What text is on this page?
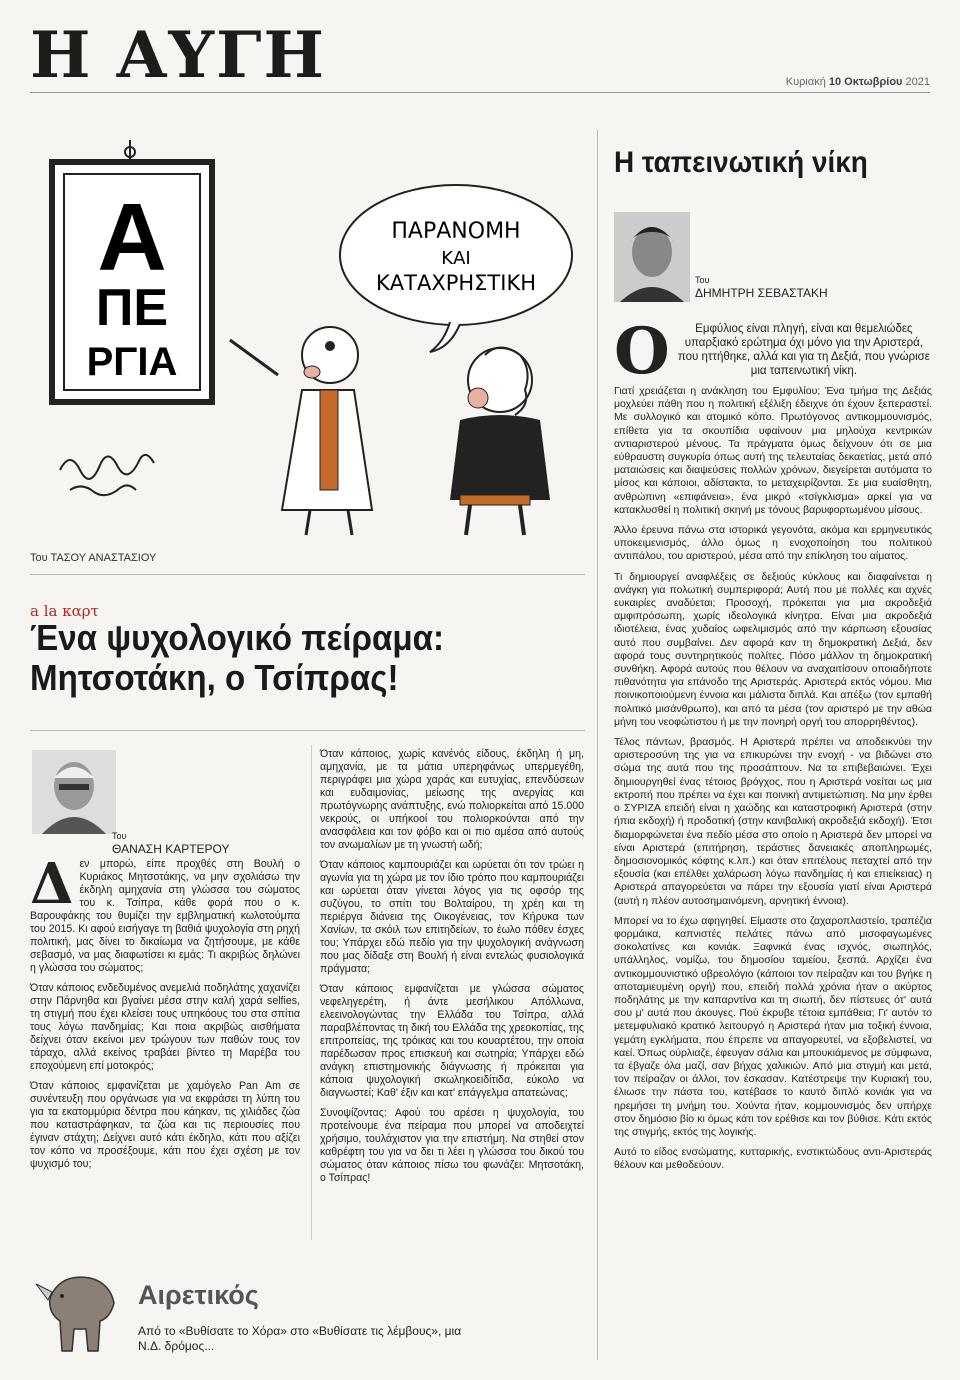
Η ΑΥΓΗ	Κυριακή 10 Οκτωβρίου 2021
Α
ΠΕ
ΡΓΙΑ
ΠΑΡΑΝΟΜΗ
ΚΑΙ
ΚΑΤΑΧΡΗΣΤΙΚΗ
Του ΤΑΣΟΥ ΑΝΑΣΤΑΣΙΟΥ
a la καρτ
Ένα ψυχολογικό πείραμα:
Μητσοτάκη, ο Τσίπρας!
Του
ΘΑΝΑΣΗ ΚΑΡΤΕΡΟΥ

Δεν μπορώ, είπε προχθές στη Βουλή ο Κυριάκος Μητσοτάκης, να μην σχολιάσω την έκδηλη αμηχανία στη γλώσσα του σώματος του κ. Τσίπρα, κάθε φορά που ο κ. Βαρουφάκης του θυμίζει την εμβληματική κωλοτούμπα του 2015. Κι αφού εισήγαγε τη βαθιά ψυχολογία στη ρηχή πολιτική, μας δίνει το δικαίωμα να ζητήσουμε, με κάθε σεβασμό, να μας διαφωτίσει κι εμάς: Τι ακριβώς δηλώνει η γλώσσα του σώματος;

Όταν κάποιος ενδεδυμένος ανεμελιά ποδηλάτης χαχανίζει στην Πάρνηθα και βγαίνει μέσα στην καλή χαρά selfies, τη στιγμή που έχει κλείσει τους υπηκόους του στα σπίτια τους λόγω πανδημίας; Και ποια ακριβώς αισθήματα δείχνει όταν εκείνοι μεν τρώγουν των παθών τους τον τάραχο, αλλά εκείνος τραβάει βίντεο τη Μαρέβα του εποχούμενη επί μοτοκρός;

Όταν κάποιος εμφανίζεται με χαμόγελο Pan Am σε συνέντευξη που οργάνωσε για να εκφράσει τη λύπη του για τα εκατομμύρια δέντρα που κάηκαν, τις χιλιάδες ζώα που καταστράφηκαν, τα ζώα και τις περιουσίες που έγιναν στάχτη; Δείχνει αυτό κάτι έκδηλο, κάτι που αξίζει τον κόπο να προσέξουμε, κάτι που έχει σχέση με τον ψυχισμό του;

Όταν κάποιος, χωρίς κανένός είδους, έκδηλη ή μη, αμηχανία, με τα μάτια υπερηφάνως υπερμεγέθη, περιγράφει μια χώρα χαράς και ευτυχίας, επενδύσεων και ευδαιμονίας, μείωσης της ανεργίας και πρωτόγνωρης ανάπτυξης, ενώ πολιορκείται από 15.000 νεκρούς, οι υπήκοοί του πολιορκούνται από την ανασφάλεια και τον φόβο και οι πιο αμέσα από αυτούς τον ανωμαλίων με τη γνωστή ωδή;

Όταν κάποιος καμπουριάζει και ωρύεται ότι τον τρώει η αγωνία για τη χώρα με τον ίδιο τρόπο που καμπουριάζει και ωρύεται όταν γίνεται λόγος για τις οφσόρ της συζύγου, το σπίτι του Βολταίρου, τη χρέη και τη περιέργα διάνεια της Οικογένειας, τον Κήρυκα των Χανίων, τα σκόιλ των επιτηδείων, το έωλο πόθεν έσχες του; Υπάρχει εδώ πεδίο για την ψυχολογική ανάγνωση που μας δίδαξε στη Βουλή ή είναι εντελώς φυσιολογικά πράγματα;

Όταν κάποιος εμφανίζεται με γλώσσα σώματος νεφεληγερέτη, ή άντε μεσήλικου Απόλλωνα, ελεεινολογώντας την Ελλάδα του Τσίπρα, αλλά παραβλέποντας τη δική του Ελλάδα της χρεοκοπίας, της επιτροπείας, της τρόικας και του κουαρτέτου, την οποία παρέδωσαν προς επισκευή και σωτηρία; Υπάρχει εδώ ανάγκη επιστημονικής διάγνωσης ή πρόκειται για κάποια ψυχολογική σκωληκοειδίτιδα, εύκολο να διαγνωστεί; Καθ' έξιν και κατ' επάγγελμα απατεώνας;

Συνοψίζοντας: Αφού του αρέσει η ψυχολογία, του προτείνουμε ένα πείραμα που μπορεί να αποδειχτεί χρήσιμο, τουλάχιστον για την επιστήμη. Να στηθεί στον καθρέφτη του για να δει τι λέει η γλώσσα του δικού του σώματος όταν κάποιος πίσω του φωνάζει: Μητσοτάκη, ο Τσίπρας!

Αιρετικός
Από το «Βυθίσατε το Χόρα» στο «Βυθίσατε τις λέμβους», μια Ν.Δ. δρόμος...
Η ταπεινωτική νίκη
Του
ΔΗΜΗΤΡΗ ΣΕΒΑΣΤΑΚΗ

Ο Εμφύλιος είναι πληγή, είναι και θεμελιώδες υπαρξιακό ερώτημα όχι μόνο για την Αριστερά, που ηττήθηκε, αλλά και για τη Δεξιά, που γνώρισε μια ταπεινωτική νίκη.

Γιατί χρειάζεται η ανάκληση του Εμφυλίου; Ένα τμήμα της Δεξιάς μοχλεύει πάθη που η πολιτική εξέλιξη έδειχνε ότι έχουν ξεπεραστεί. Με συλλογικό και ατομικό κόπο. Πρωτόγονος αντικομμουνισμός, επίθετα για τα σκουπίδια υφαίνουν μια μηλούχα κεντρικών αντιαριστερού μένους. Τα πράγματα όμως δείχνουν ότι σε μια εύθραυστη συγκυρία όπως αυτή της τελευταίας δεκαετίας, μετά από ματαιώσεις και διαψεύσεις πολλών χρόνων, διεγείρεται αυτόματα το μίσος και κάποιοι, αδίστακτα, το μεταχειρίζονται. Σε μια ευαίσθητη, ανθρώπινη «επιφάνεια», ένα μικρό «τσίγκλισμα» αρκεί για να κατακλυσθεί η πολιτική σκηνή με τόνους βαρυφορτωμένου μίσους.

Άλλο έρευνα πάνω στα ιστορικά γεγονότα, ακόμα και ερμηνευτικός υποκειμενισμός, άλλο όμως η ενοχοποίηση του πολιτικού αντιπάλου, του αριστερού, μέσα από την επίκληση του αίματος.

Τι δημιουργεί αναφλέξεις σε δεξιούς κύκλους και διαφαίνεται η ανάγκη για πολωτική συμπεριφορά; Αυτή που με πολλές και αχνές ευκαιρίες αναδύεται; Προσοχή, πρόκειται για μια ακροδεξιά αμφιπρόσωπη, χωρίς ιδεολογικά κίνητρα. Είναι μια ακροδεξιά ιδιοτέλεια, ένας χυδαίος ωφελιμισμός από την κάρπωση εξουσίας αυτό που συμβαίνει. Δεν αφορά καν τη δημοκρατική Δεξιά, δεν αφορά τους συντηρητικούς πολίτες. Πόσο μάλλον τη δημοκρατική συνθήκη. Αφορά αυτούς που θέλουν να αναχαιτίσουν οποιαδήποτε πιθανότητα για επάνοδο της Αριστεράς. Αριστερά εκτός νόμου. Μια ποινικοποιούμενη έννοια και μάλιστα διπλά. Και απέξω (τον εμπαθή πολιτικό μισάνθρωπο), και από τα μέσα (τον αριστερό με την αθώα μήνη του νεοφώτιστου ή με την πονηρή οργή του απορρηθέντος).

Τέλος πάντων, βρασμός. Η Αριστερά πρέπει να αποδεικνύει την αριστεροσύνη της για να επικυρώνει την ενοχή - να βιδώνει στο σώμα της αυτά που της προσάπτουν. Να τα επιβεβαιώνει. Έχει δημιουργηθεί ένας τέτοιος βρόγχος, που η Αριστερά νοείται ως μια εκτροπή που πρέπει να έχει και ποινική αντιμετώπιση. Να μην έρθει ο ΣΥΡΙΖΑ επειδή είναι η χαώδης και καταστροφική Αριστερά (στην ήπια εκδοχή) ή προδοτική (στην κανιβαλική ακροδεξιά εκδοχή). Έτσι διαμορφώνεται ένα πεδίο μέσα στο οποίο η Αριστερά δεν μπορεί να είναι Αριστερά (επιτήρηση, τεράστιες δανειακές αποπληρωμές, δημοσιονομικός κόφτης κ.λπ.) και όταν επιτέλους πεταχτεί από την εξουσία (και επέλθει χαλάρωση λόγω πανδημίας ή και επιείκειας) η Αριστερά απαγορεύεται να πάρει την εξουσία γιατί είναι Αριστερά (αυτή η πλέον αυτοσημαινόμενη, αρνητική έννοια).

Μπορεί να το έχω αφηγηθεί. Είμαστε στο ζαχαροπλαστείο, τραπέζια φορμάικα, καπνιστές πελάτες πάνω από μισοφαγωμένες σοκολατίνες και κονιάκ. Ξαφνικά ένας ισχνός, σιωπηλός, υπάλληλος, νομίζω, του δημοσίου ταμείου, ξεσπά. Αρχίζει ένα αντικομμουνιστικό υβρεολόγιο (κάποιοι τον πείραζαν και του βγήκε η αποταμιευμένη οργή) που, επειδή πολλά χρόνια ήταν ο ακύρτος ποδηλάτης με την καπαρντίνα και τη σιωπή, δεν πίστευες ότ' αυτά σου μ' αυτά που άκουγες. Πού έκρυβε τέτοια εμπάθεια; Γι' αυτόν το μετεμφυλιακό κρατικό λειτουργό η Αριστερά ήταν μια τοξική έννοια, γεμάτη εγκλήματα, που έπρεπε να απαγορευτεί, να εξοβελιστεί, να καεί. Όπως ούρλιαζε, έφευγαν σάλια και μπουκιάμενος με σύμφωνα, τα έβγαζε όλα μαζί, σαν βήχας χαλικιών. Από μια στιγμή και μετά, τον πείραζαν οι άλλοι, τον έσκασαν. Κατέστρεψε την Κυριακή του, έλιωσε την πάστα του, κατέβασε το καυτό διπλό κονιάκ για να ηρεμήσει τη μνήμη του. Χούντα ήταν, κομμουνισμός δεν υπήρχε στον δημόσιο βίο κι όμως κάτι τον ερέθισε και τον βύθισε. Κάτι εκτός της στιγμής, εκτός της λογικής.

Αυτό το είδος ενσώματης, κυτταρικής, ενστικτώδους αντι-Αριστεράς θέλουν και μεθοδεύουν.
